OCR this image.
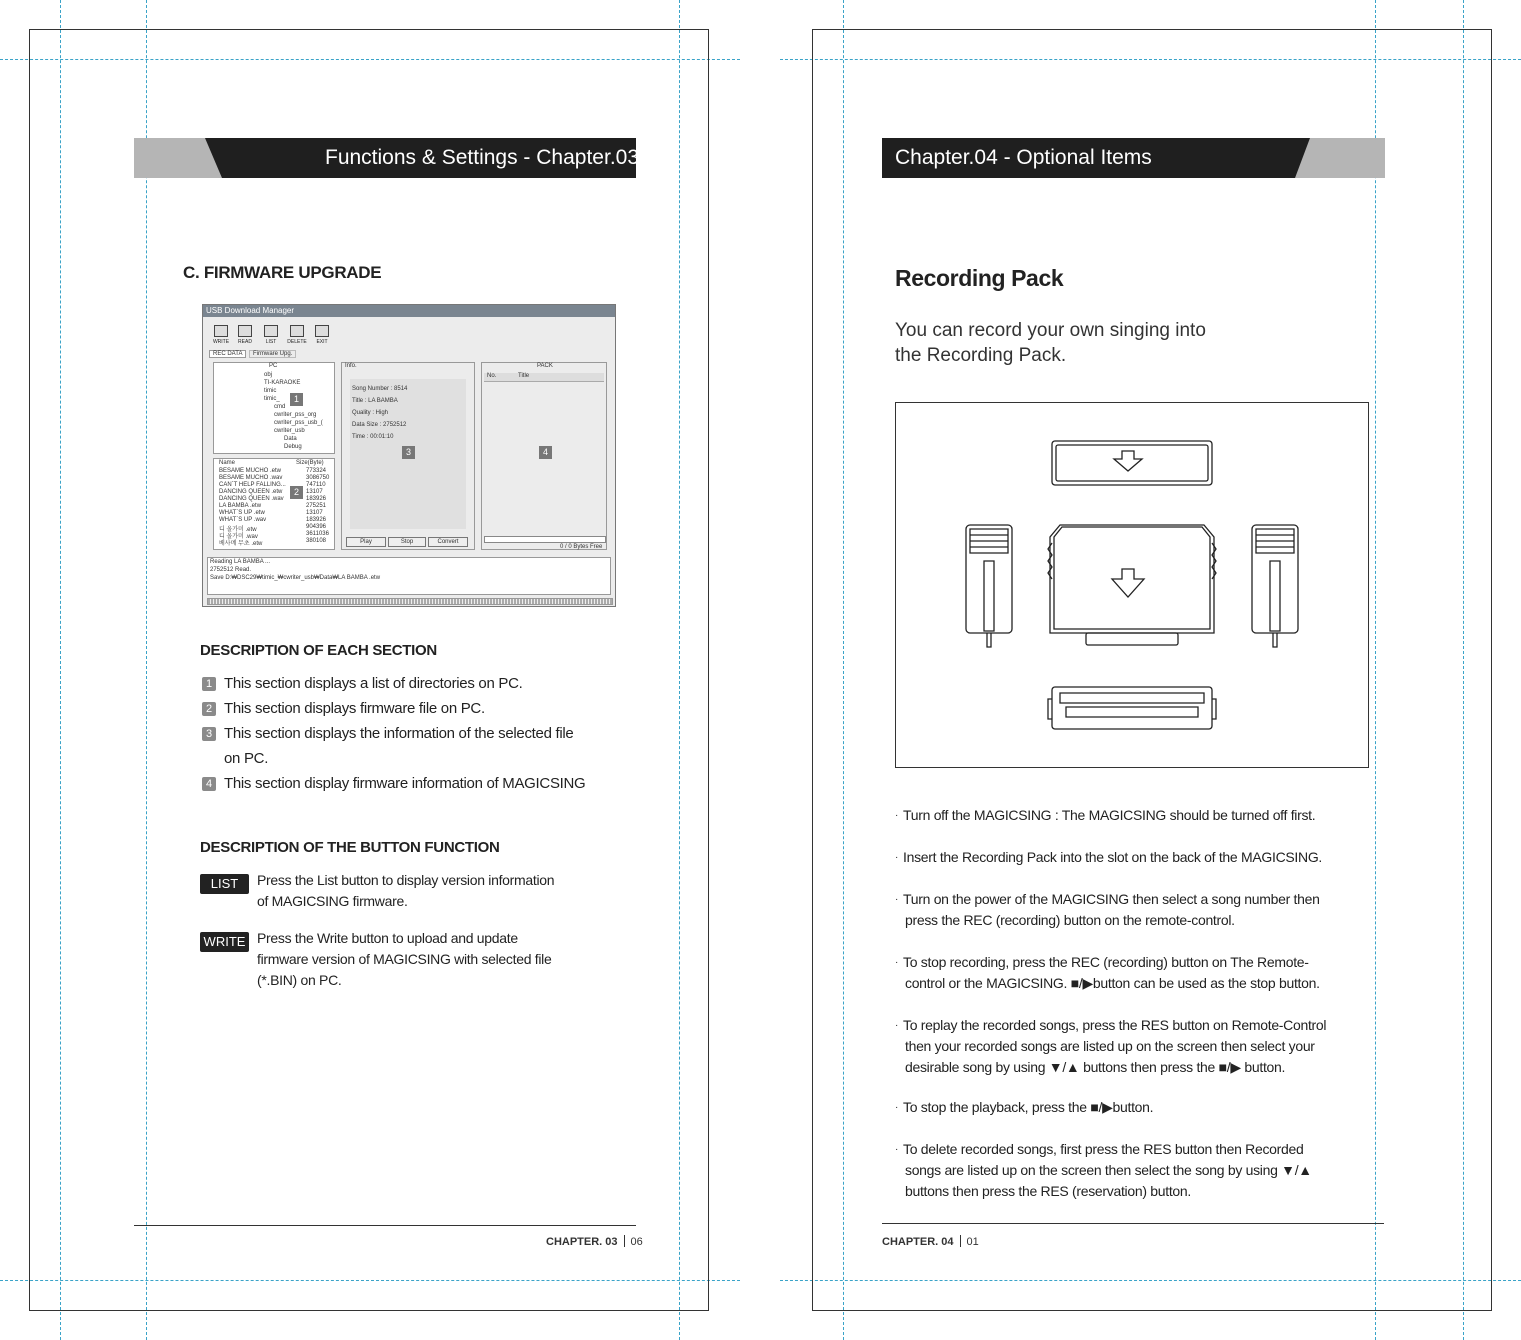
Functions & Settings - Chapter.03
C. FIRMWARE UPGRADE
USB Download Manager
WRITE	READ	LIST	DELETE	EXIT
REC DATA	Firmware Upg.
PC
obj
TI-KARAOKE
timic
timic_
cmd
cwriter_pss_org
cwriter_pss_usb_(
cwriter_usb
Data
Debug
1
Name	Size(Byte)
BESAME MUCHO .etw	773324
BESAME MUCHO .wav	3086750
CAN`T HELP FALLING...	747110
DANCING QUEEN .etw	13107
DANCING QUEEN .wav	183926
LA BAMBA .etw	275251
WHAT`S UP .etw	13107
WHAT`S UP .wav	183926
디 올가미 .etw	904396
디 올가미 .wav	3611036
베사메 무초 .etw	380108
2
Info.
Song Number : 8514
Title : LA BAMBA
Quality : High
Data Size : 2752512
Time : 00:01:10
3
Play	Stop	Convert
PACK
No.	Title
4
0 / 0 Bytes Free
Reading LA BAMBA ...
2752512 Read.
Save D:₩DSC29₩timic_₩cwriter_usb₩Data₩LA BAMBA .etw
DESCRIPTION OF EACH SECTION
1 This section displays a list of directories on PC.
2 This section displays firmware file on PC.
3 This section displays the information of the selected file
on PC.
4 This section display firmware information of MAGICSING
DESCRIPTION OF THE BUTTON FUNCTION
LIST	Press the List button to display version information
of MAGICSING firmware.
WRITE Press the Write button to upload and update
firmware version of MAGICSING with selected file
(*.BIN) on PC.
CHAPTER. 03 06
Chapter.04 - Optional Items
Recording Pack
You can record your own singing into
the Recording Pack.
· Turn off the MAGICSING : The MAGICSING should be turned off first.
· Insert the Recording Pack into the slot on the back of the MAGICSING.
· Turn on the power of the MAGICSING then select a song number then
press the REC (recording) button on the remote-control.
· To stop recording, press the REC (recording) button on The Remote-
control or the MAGICSING. ■/▶button can be used as the stop button.
· To replay the recorded songs, press the RES button on Remote-Control
then your recorded songs are listed up on the screen then select your
desirable song by using ▼/▲ buttons then press the ■/▶ button.
· To stop the playback, press the ■/▶button.
· To delete recorded songs, first press the RES button then Recorded
songs are listed up on the screen then select the song by using ▼/▲
buttons then press the RES (reservation) button.
CHAPTER. 04 01
